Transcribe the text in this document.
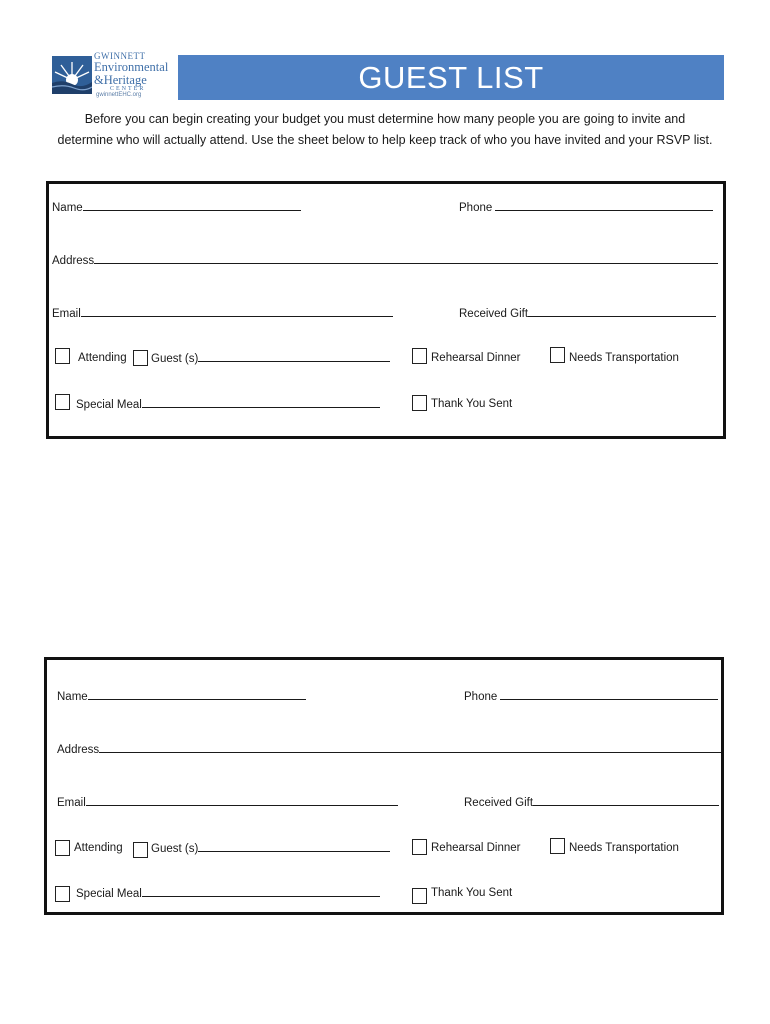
GWINNETT
Environmental
&Heritage
CENTER
gwinnettEHC.org
GUEST LIST
Before you can begin creating your budget you must determine how many people you are going to invite and
determine who will actually attend. Use the sheet below to help keep track of who you have invited and your RSVP list.
Name	Phone
Address
Email	Received Gift
Attending Guest (s)	Rehearsal Dinner	Needs Transportation
Special Meal	Thank You Sent
Name	Phone
Address
Email	Received Gift
Attending Guest (s)	Rehearsal Dinner	Needs Transportation
Special Meal	Thank You Sent
